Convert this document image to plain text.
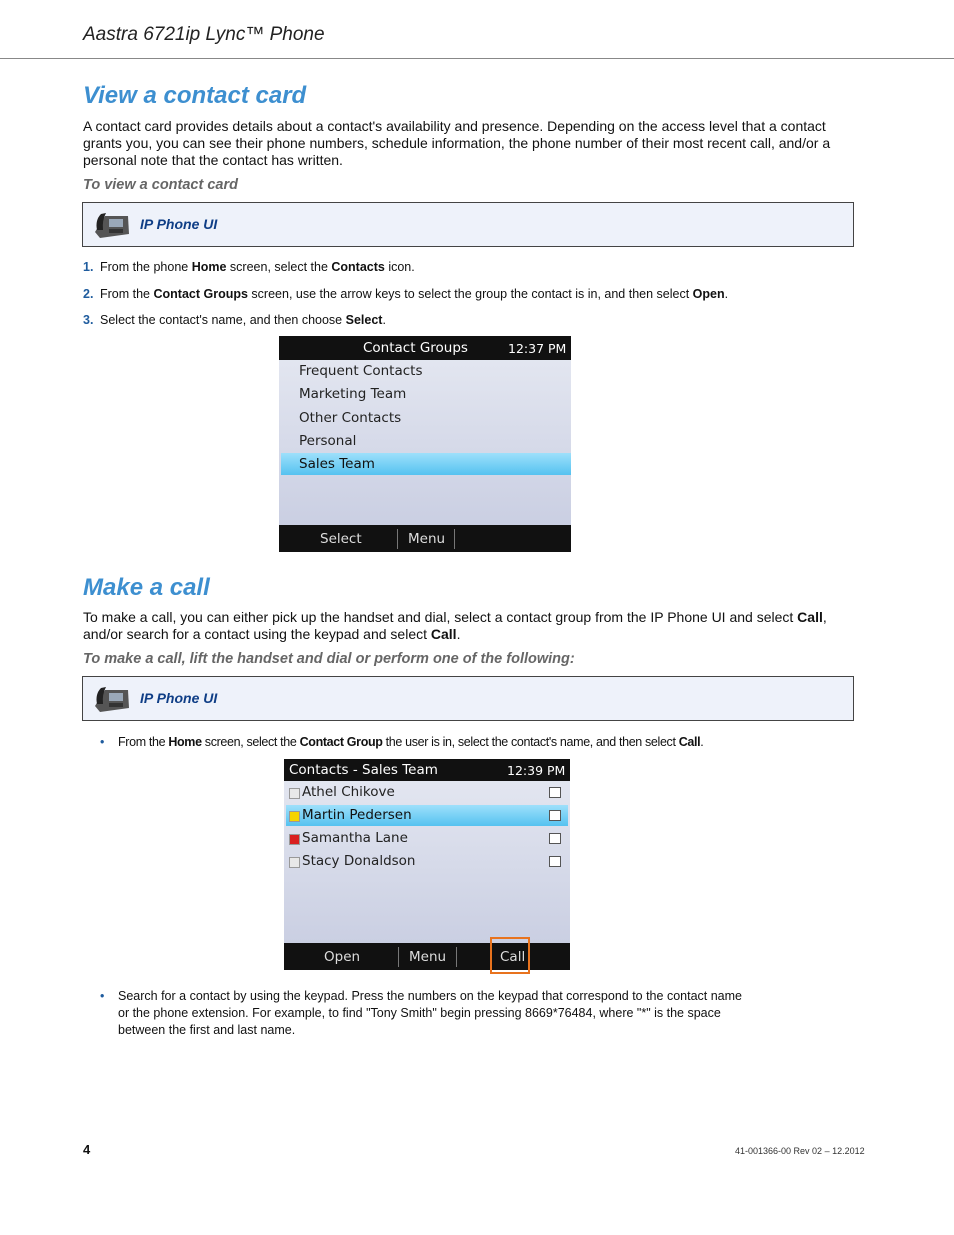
Aastra 6721ip Lync™ Phone
View a contact card
A contact card provides details about a contact's availability and presence. Depending on the access level that a contact grants you, you can see their phone numbers, schedule information, the phone number of their most recent call, and/or a personal note that the contact has written.
To view a contact card
IP Phone UI
1. From the phone Home screen, select the Contacts icon.
2. From the Contact Groups screen, use the arrow keys to select the group the contact is in, and then select Open.
3. Select the contact's name, and then choose Select.
Contact Groups	12:37 PM
Frequent Contacts
Marketing Team
Other Contacts
Personal
Sales Team
Select	Menu
Make a call
To make a call, you can either pick up the handset and dial, select a contact group from the IP Phone UI and select Call, and/or search for a contact using the keypad and select Call.
To make a call, lift the handset and dial or perform one of the following:
IP Phone UI
• From the Home screen, select the Contact Group the user is in, select the contact's name, and then select Call.
Contacts - Sales Team	12:39 PM
Athel Chikove
Martin Pedersen
Samantha Lane
Stacy Donaldson
Open	Menu	Call
• Search for a contact by using the keypad. Press the numbers on the keypad that correspond to the contact name or the phone extension. For example, to find "Tony Smith" begin pressing 8669*76484, where "*" is the space between the first and last name.
4	41-001366-00 Rev 02 – 12.2012
